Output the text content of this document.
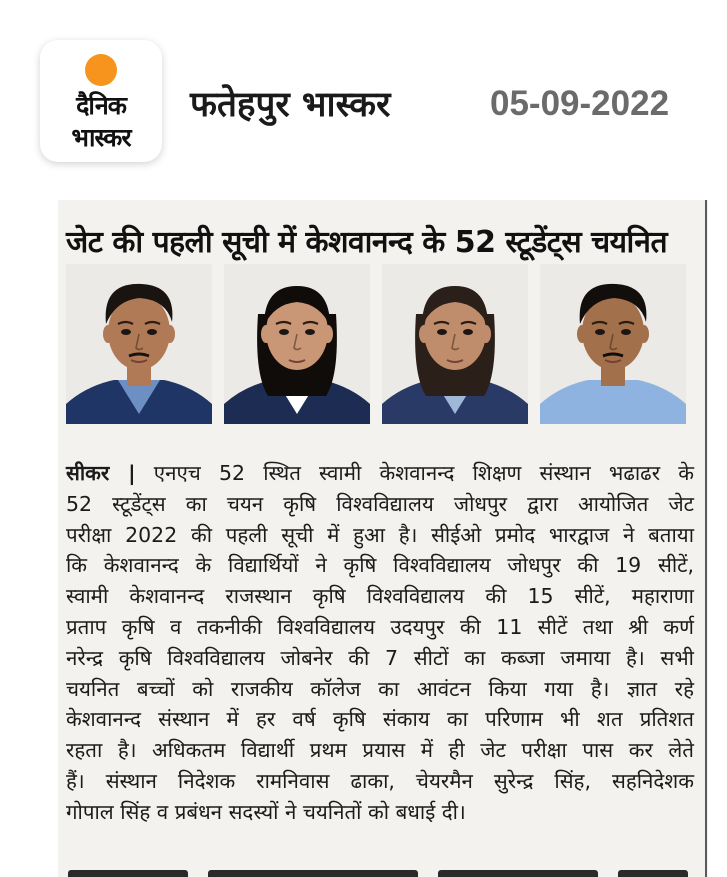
दैनिक
भास्कर
फतेहपुर भास्कर	05-09-2022
जेट की पहली सूची में केशवानन्द के 52 स्टूडेंट्स चयनित
सीकर | एनएच 52 स्थित स्वामी केशवानन्द शिक्षण संस्थान भढाढर के
52 स्टूडेंट्स का चयन कृषि विश्वविद्यालय जोधपुर द्वारा आयोजित जेट
परीक्षा 2022 की पहली सूची में हुआ है। सीईओ प्रमोद भारद्वाज ने बताया
कि केशवानन्द के विद्यार्थियों ने कृषि विश्वविद्यालय जोधपुर की 19 सीटें,
स्वामी केशवानन्द राजस्थान कृषि विश्वविद्यालय की 15 सीटें, महाराणा
प्रताप कृषि व तकनीकी विश्वविद्यालय उदयपुर की 11 सीटें तथा श्री कर्ण
नरेन्द्र कृषि विश्वविद्यालय जोबनेर की 7 सीटों का कब्जा जमाया है। सभी
चयनित बच्चों को राजकीय कॉलेज का आवंटन किया गया है। ज्ञात रहे
केशवानन्द संस्थान में हर वर्ष कृषि संकाय का परिणाम भी शत प्रतिशत
रहता है। अधिकतम विद्यार्थी प्रथम प्रयास में ही जेट परीक्षा पास कर लेते
हैं। संस्थान निदेशक रामनिवास ढाका, चेयरमैन सुरेन्द्र सिंह, सहनिदेशक
गोपाल सिंह व प्रबंधन सदस्यों ने चयनितों को बधाई दी।
